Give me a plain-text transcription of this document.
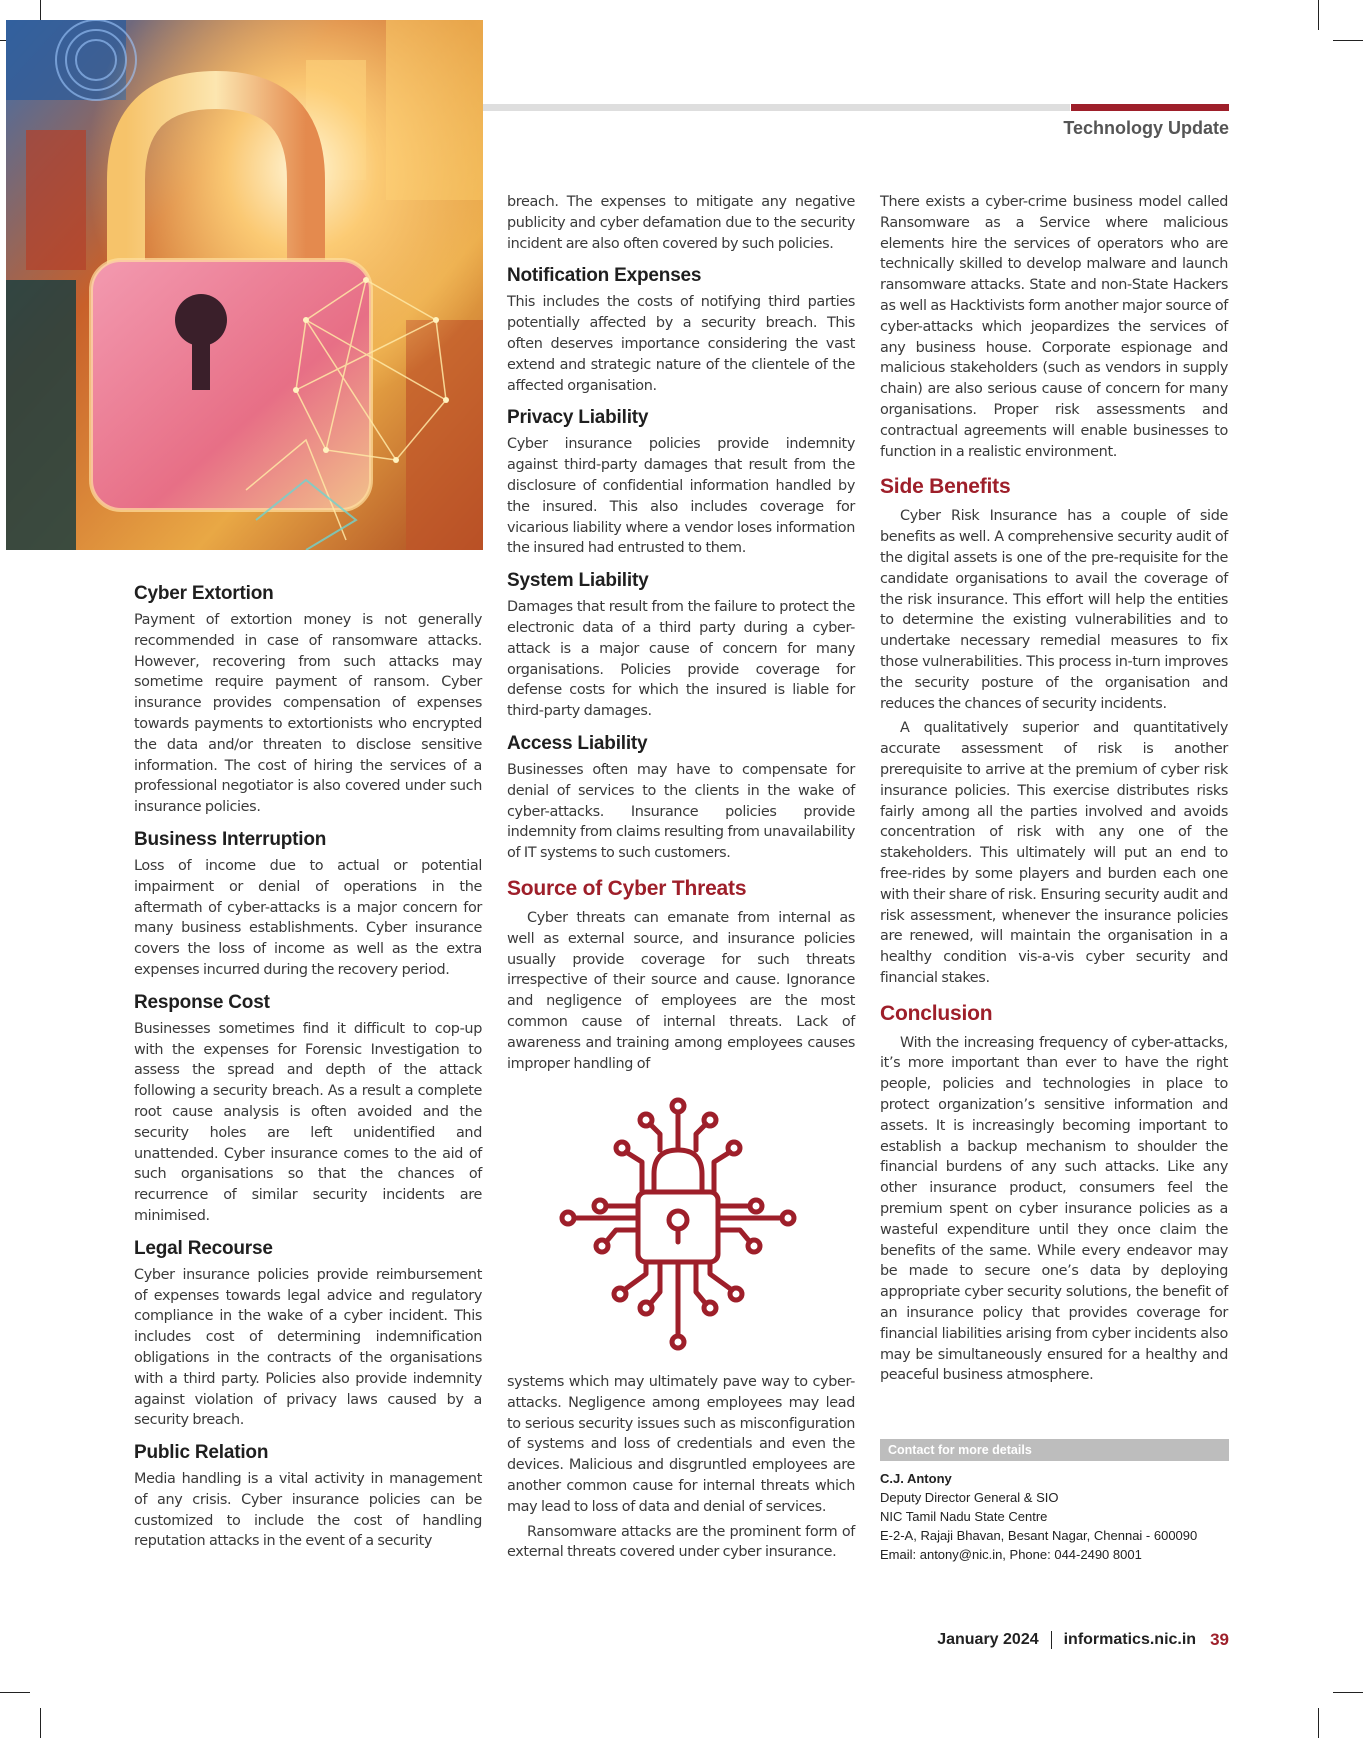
Technology Update
Cyber Extortion

Payment of extortion money is not generally recommended in case of ransomware attacks. However, recovering from such attacks may sometime require payment of ransom. Cyber insurance provides compensation of expenses towards payments to extortionists who encrypted the data and/or threaten to disclose sensitive information. The cost of hiring the services of a professional negotiator is also covered under such insurance policies.

Business Interruption

Loss of income due to actual or potential impairment or denial of operations in the aftermath of cyber-attacks is a major concern for many business establishments. Cyber insurance covers the loss of income as well as the extra expenses incurred during the recovery period.

Response Cost

Businesses sometimes find it difficult to cop-up with the expenses for Forensic Investigation to assess the spread and depth of the attack following a security breach. As a result a complete root cause analysis is often avoided and the security holes are left unidentified and unattended. Cyber insurance comes to the aid of such organisations so that the chances of recurrence of similar security incidents are minimised.

Legal Recourse

Cyber insurance policies provide reimbursement of expenses towards legal advice and regulatory compliance in the wake of a cyber incident. This includes cost of determining indemnification obligations in the contracts of the organisations with a third party. Policies also provide indemnity against violation of privacy laws caused by a security breach.

Public Relation

Media handling is a vital activity in management of any crisis. Cyber insurance policies can be customized to include the cost of handling reputation attacks in the event of a security

breach. The expenses to mitigate any negative publicity and cyber defamation due to the security incident are also often covered by such policies.

Notification Expenses

This includes the costs of notifying third parties potentially affected by a security breach. This often deserves importance considering the vast extend and strategic nature of the clientele of the affected organisation.

Privacy Liability

Cyber insurance policies provide indemnity against third-party damages that result from the disclosure of confidential information handled by the insured. This also includes coverage for vicarious liability where a vendor loses information the insured had entrusted to them.

System Liability

Damages that result from the failure to protect the electronic data of a third party during a cyber-attack is a major cause of concern for many organisations. Policies provide coverage for defense costs for which the insured is liable for third-party damages.

Access Liability

Businesses often may have to compensate for denial of services to the clients in the wake of cyber-attacks. Insurance policies provide indemnity from claims resulting from unavailability of IT systems to such customers.

Source of Cyber Threats

Cyber threats can emanate from internal as well as external source, and insurance policies usually provide coverage for such threats irrespective of their source and cause. Ignorance and negligence of employees are the most common cause of internal threats. Lack of awareness and training among employees causes improper handling of

systems which may ultimately pave way to cyber-attacks. Negligence among employees may lead to serious security issues such as misconfiguration of systems and loss of credentials and even the devices. Malicious and disgruntled employees are another common cause for internal threats which may lead to loss of data and denial of services.

Ransomware attacks are the prominent form of external threats covered under cyber insurance.

There exists a cyber-crime business model called Ransomware as a Service where malicious elements hire the services of operators who are technically skilled to develop malware and launch ransomware attacks. State and non-State Hackers as well as Hacktivists form another major source of cyber-attacks which jeopardizes the services of any business house. Corporate espionage and malicious stakeholders (such as vendors in supply chain) are also serious cause of concern for many organisations. Proper risk assessments and contractual agreements will enable businesses to function in a realistic environment.

Side Benefits

Cyber Risk Insurance has a couple of side benefits as well. A comprehensive security audit of the digital assets is one of the pre-requisite for the candidate organisations to avail the coverage of the risk insurance. This effort will help the entities to determine the existing vulnerabilities and to undertake necessary remedial measures to fix those vulnerabilities. This process in-turn improves the security posture of the organisation and reduces the chances of security incidents.

A qualitatively superior and quantitatively accurate assessment of risk is another prerequisite to arrive at the premium of cyber risk insurance policies. This exercise distributes risks fairly among all the parties involved and avoids concentration of risk with any one of the stakeholders. This ultimately will put an end to free-rides by some players and burden each one with their share of risk. Ensuring security audit and risk assessment, whenever the insurance policies are renewed, will maintain the organisation in a healthy condition vis-a-vis cyber security and financial stakes.

Conclusion

With the increasing frequency of cyber-attacks, it’s more important than ever to have the right people, policies and technologies in place to protect organization’s sensitive information and assets. It is increasingly becoming important to establish a backup mechanism to shoulder the financial burdens of any such attacks. Like any other insurance product, consumers feel the premium spent on cyber insurance policies as a wasteful expenditure until they once claim the benefits of the same. While every endeavor may be made to secure one’s data by deploying appropriate cyber security solutions, the benefit of an insurance policy that provides coverage for financial liabilities arising from cyber incidents also may be simultaneously ensured for a healthy and peaceful business atmosphere.

Contact for more details
C.J. Antony
Deputy Director General & SIO
NIC Tamil Nadu State Centre
E-2-A, Rajaji Bhavan, Besant Nagar, Chennai - 600090
Email: antony@nic.in, Phone: 044-2490 8001
January 2024 informatics.nic.in 39
